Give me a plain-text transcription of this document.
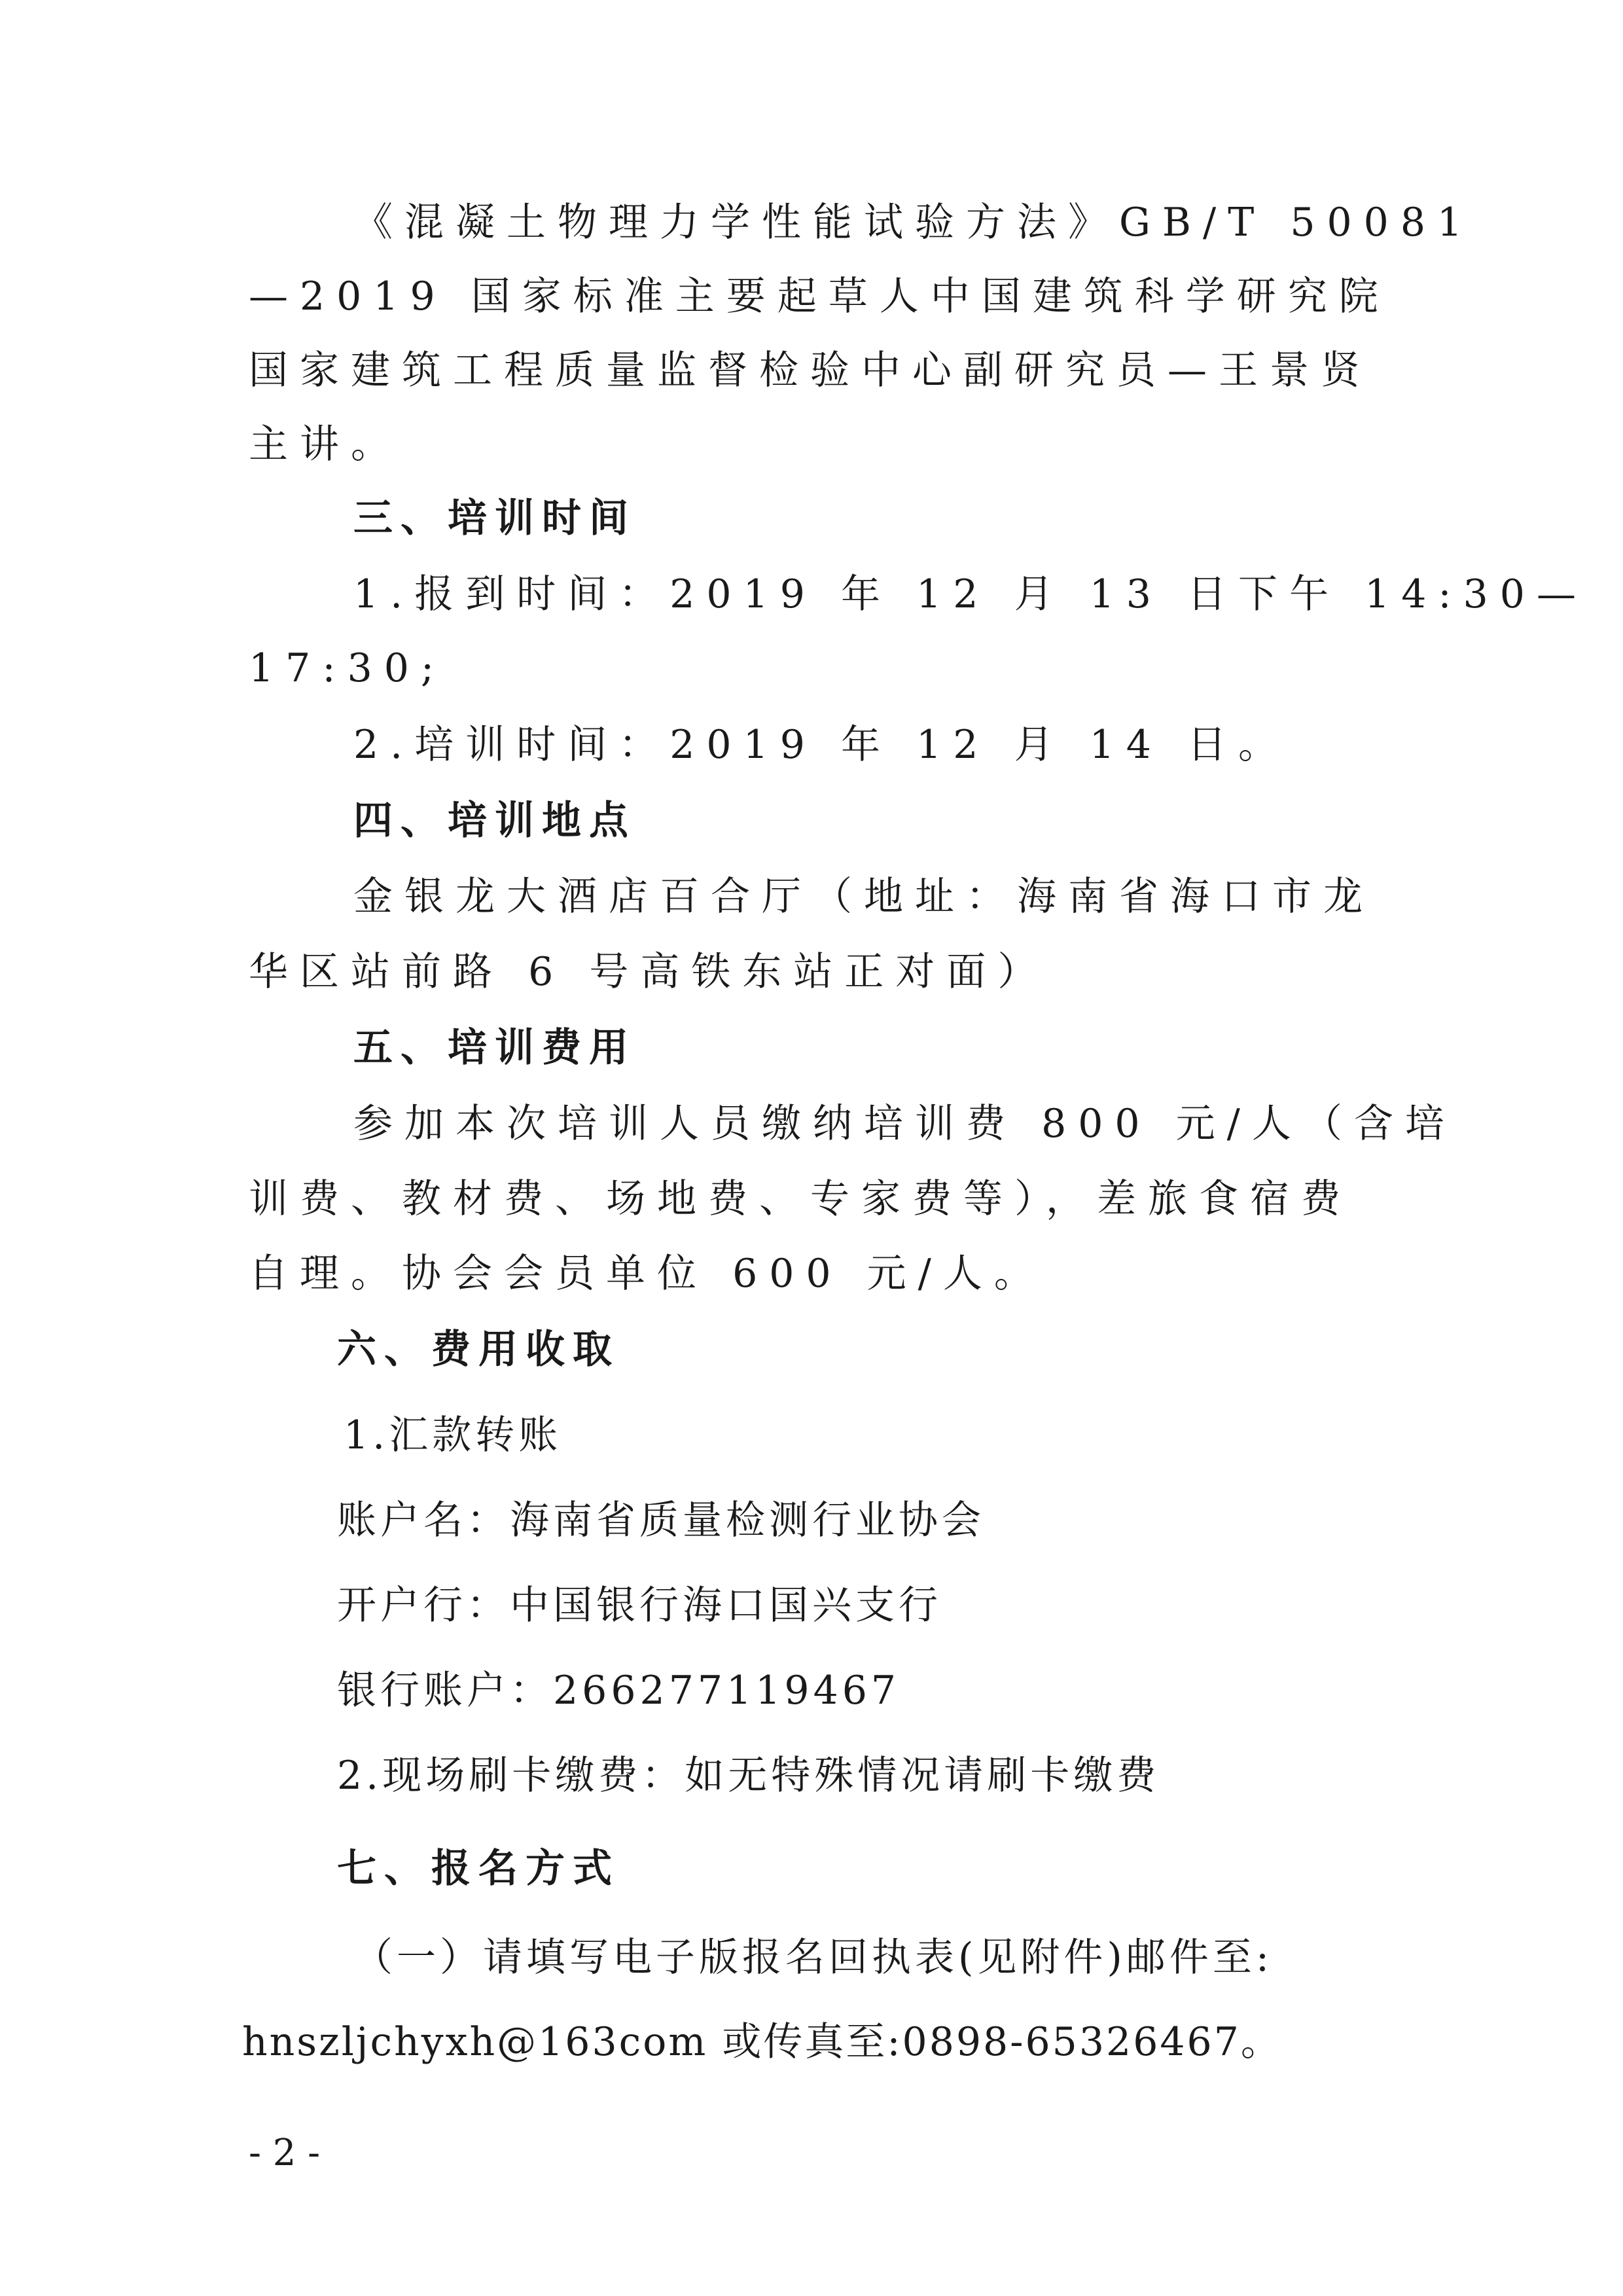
《混凝土物理力学性能试验方法》GB/T 50081
—2019 国家标准主要起草人中国建筑科学研究院
国家建筑工程质量监督检验中心副研究员—王景贤
主讲。
三、培训时间
1.报到时间：2019 年 12 月 13 日下午 14:30—
17:30;
2.培训时间：2019 年 12 月 14 日。
四、培训地点
金银龙大酒店百合厅（地址：海南省海口市龙
华区站前路 6 号高铁东站正对面）
五、培训费用
参加本次培训人员缴纳培训费 800 元/人（含培
训费、教材费、场地费、专家费等），差旅食宿费
自理。协会会员单位 600 元/人。
六、费用收取
1.汇款转账
账户名：海南省质量检测行业协会
开户行：中国银行海口国兴支行
银行账户：266277119467
2.现场刷卡缴费：如无特殊情况请刷卡缴费
七、报名方式
（一）请填写电子版报名回执表(见附件)邮件至:
hnszljchyxh@163com 或传真至:0898-65326467。
- 2 -
